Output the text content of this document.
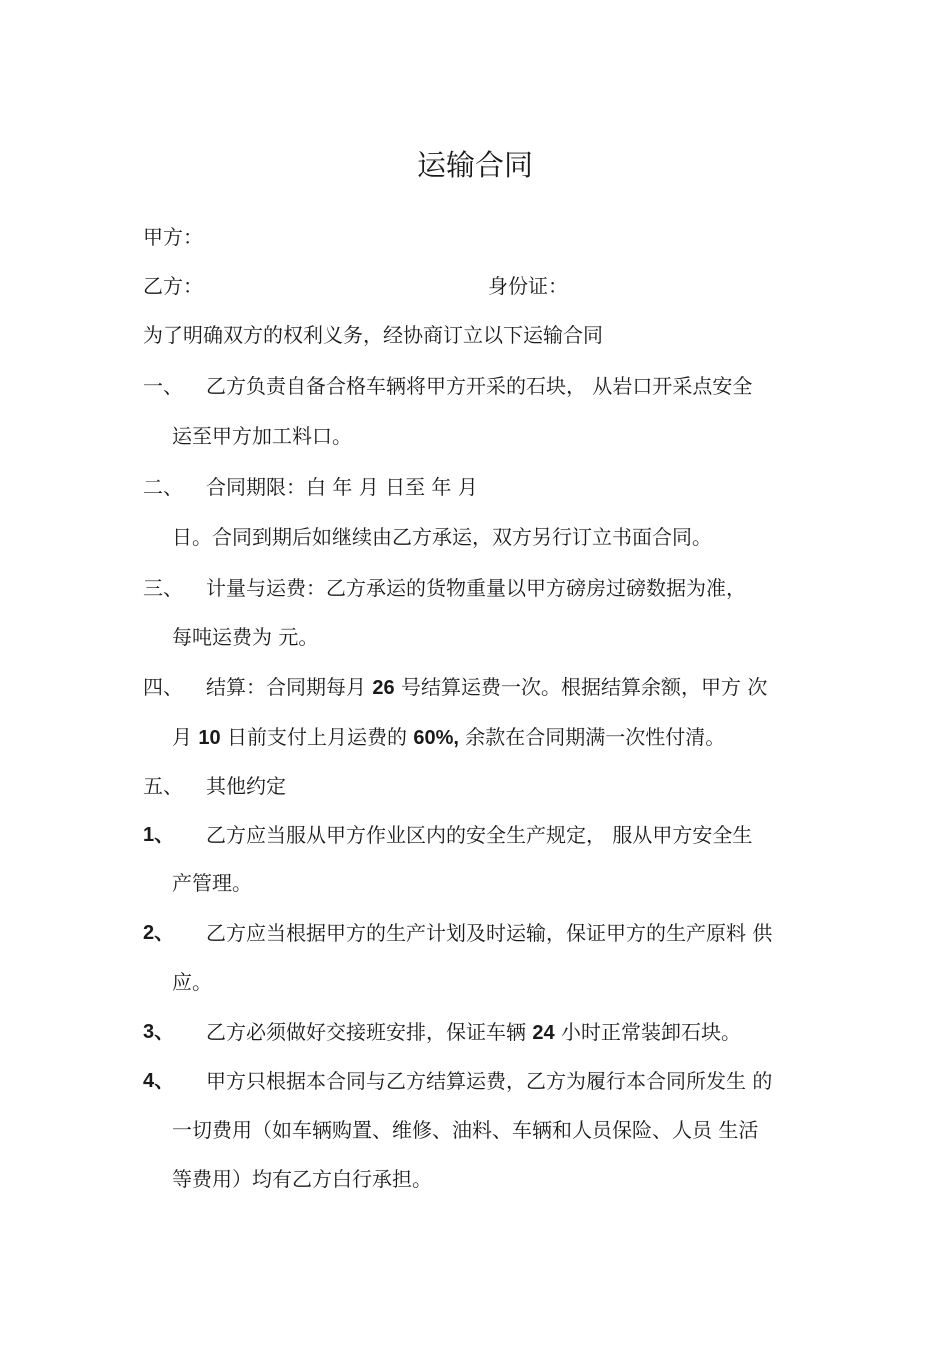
运输合同
甲方：
乙方：	身份证：
为了明确双方的权利义务，经协商订立以下运输合同
一、 乙方负责自备合格车辆将甲方开采的石块， 从岩口开采点安全
运至甲方加工料口。
二、 合同期限：白 年 月 日至 年 月
日。合同到期后如继续由乙方承运，双方另行订立书面合同。
三、 计量与运费：乙方承运的货物重量以甲方磅房过磅数据为准，
每吨运费为 元。
四、 结算：合同期每月 26 号结算运费一次。根据结算余额，甲方 次
月 10 日前支付上月运费的 60%, 余款在合同期满一次性付清。
五、 其他约定
1、 乙方应当服从甲方作业区内的安全生产规定， 服从甲方安全生
产管理。
2、 乙方应当根据甲方的生产计划及时运输，保证甲方的生产原料 供
应。
3、 乙方必须做好交接班安排，保证车辆 24 小时正常装卸石块。
4、 甲方只根据本合同与乙方结算运费，乙方为履行本合同所发生 的
一切费用（如车辆购置、维修、油料、车辆和人员保险、人员 生活
等费用）均有乙方白行承担。
